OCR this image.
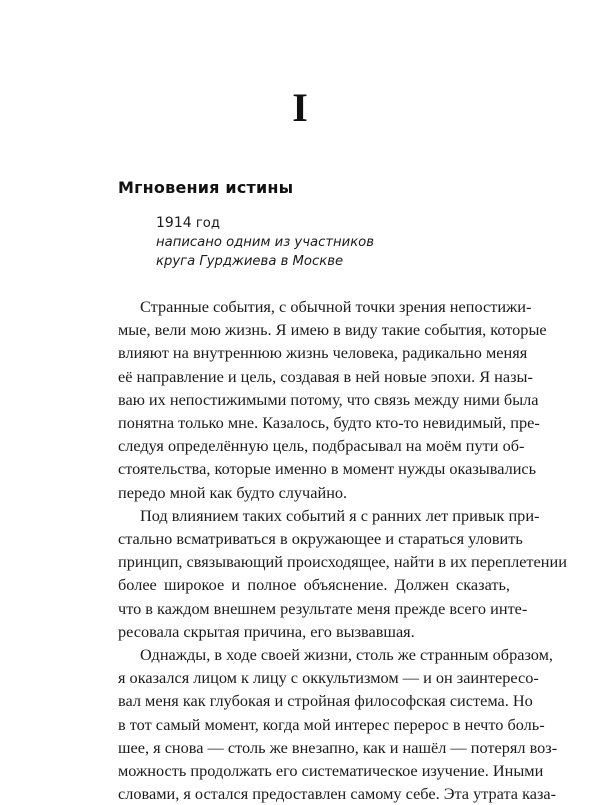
I
Мгновения истины
1914 год
написано одним из участников
круга Гурджиева в Москве
Странные события, с обычной точки зрения непостижи-
мые, вели мою жизнь. Я имею в виду такие события, которые
влияют на внутреннюю жизнь человека, радикально меняя
её направление и цель, создавая в ней новые эпохи. Я назы-
ваю их непостижимыми потому, что связь между ними была
понятна только мне. Казалось, будто кто-то невидимый, пре-
следуя определённую цель, подбрасывал на моём пути об-
стоятельства, которые именно в момент нужды оказывались
передо мной как будто случайно.
Под влиянием таких событий я с ранних лет привык при-
стально всматриваться в окружающее и стараться уловить
принцип, связывающий происходящее, найти в их переплетении
более широкое и полное объяснение. Должен сказать,
что в каждом внешнем результате меня прежде всего инте-
ресовала скрытая причина, его вызвавшая.
Однажды, в ходе своей жизни, столь же странным образом,
я оказался лицом к лицу с оккультизмом — и он заинтересо-
вал меня как глубокая и стройная философская система. Но
в тот самый момент, когда мой интерес перерос в нечто боль-
шее, я снова — столь же внезапно, как и нашёл — потерял воз-
можность продолжать его систематическое изучение. Иными
словами, я остался предоставлен самому себе. Эта утрата каза-
